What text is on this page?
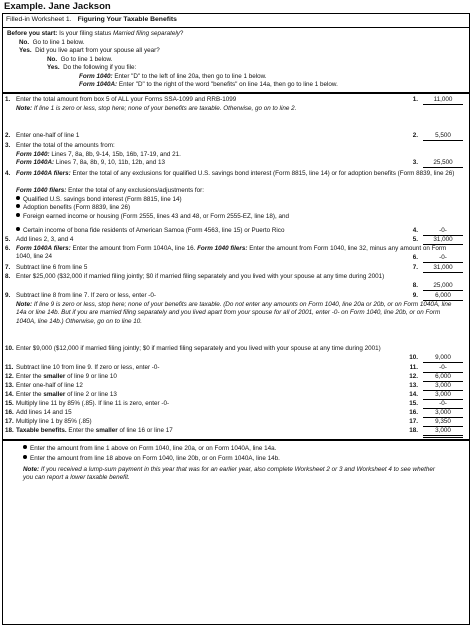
Example. Jane Jackson
Filled-in Worksheet 1. Figuring Your Taxable Benefits
Before you start: Is your filing status Married filing separately?
No. Go to line 1 below.
Yes. Did you live apart from your spouse all year?
No. Go to line 1 below.
Yes. Do the following if you file:
Form 1040: Enter "D" to the left of line 20a, then go to line 1 below.
Form 1040A: Enter "D" to the right of the word "benefits" on line 14a, then go to line 1 below.
1. Enter the total amount from box 5 of ALL your Forms SSA-1099 and RRB-1099	1.	11,000
Note: If line 1 is zero or less, stop here; none of your benefits are taxable. Otherwise, go on to line 2.
2. Enter one-half of line 1	2.	5,500
3. Enter the total of the amounts from:
Form 1040: Lines 7, 8a, 8b, 9-14, 15b, 16b, 17-19, and 21.
Form 1040A: Lines 7, 8a, 8b, 9, 10, 11b, 12b, and 13	3.	25,500
4. Form 1040A filers: Enter the total of any exclusions for qualified U.S. savings bond interest (Form 8815, line 14) or for adoption benefits (Form 8839, line 26)
Form 1040 filers: Enter the total of any exclusions/adjustments for:
Qualified U.S. savings bond interest (Form 8815, line 14)
Adoption benefits (Form 8839, line 26)
Foreign earned income or housing (Form 2555, lines 43 and 48, or Form 2555-EZ, line 18), and
Certain income of bona fide residents of American Samoa (Form 4563, line 15) or Puerto Rico	4.	-0-
5. Add lines 2, 3, and 4	5.	31,000
6. Form 1040A filers: Enter the amount from Form 1040A, line 16. Form 1040 filers: Enter the amount from Form 1040, line 32, minus any amount on Form 1040, line 24	6.	-0-
7. Subtract line 6 from line 5	7.	31,000
8. Enter $25,000 ($32,000 if married filing jointly; $0 if married filing separately and you lived with your spouse at any time during 2001)
8.	25,000
9. Subtract line 8 from line 7. If zero or less, enter -0-	9.	6,000
Note: If line 9 is zero or less, stop here; none of your benefits are taxable. (Do not enter any amounts on Form 1040, line 20a or 20b, or on Form 1040A, line 14a or line 14b. But if you are married filing separately and you lived apart from your spouse for all of 2001, enter -0- on Form 1040, line 20b, or on Form 1040A, line 14b.) Otherwise, go on to line 10.
10. Enter $9,000 ($12,000 if married filing jointly; $0 if married filing separately and you lived with your spouse at any time during 2001)
10.	9,000
11. Subtract line 10 from line 9. If zero or less, enter -0-	11.	-0-
12. Enter the smaller of line 9 or line 10	12.	6,000
13. Enter one-half of line 12	13.	3,000
14. Enter the smaller of line 2 or line 13	14.	3,000
15. Multiply line 11 by 85% (.85). If line 11 is zero, enter -0-	15.	-0-
16. Add lines 14 and 15	16.	3,000
17. Multiply line 1 by 85% (.85)	17.	9,350
18. Taxable benefits. Enter the smaller of line 16 or line 17	18.	3,000
Enter the amount from line 1 above on Form 1040, line 20a, or on Form 1040A, line 14a.
Enter the amount from line 18 above on Form 1040, line 20b, or on Form 1040A, line 14b.
Note: If you received a lump-sum payment in this year that was for an earlier year, also complete Worksheet 2 or 3 and Worksheet 4 to see whether you can report a lower taxable benefit.
